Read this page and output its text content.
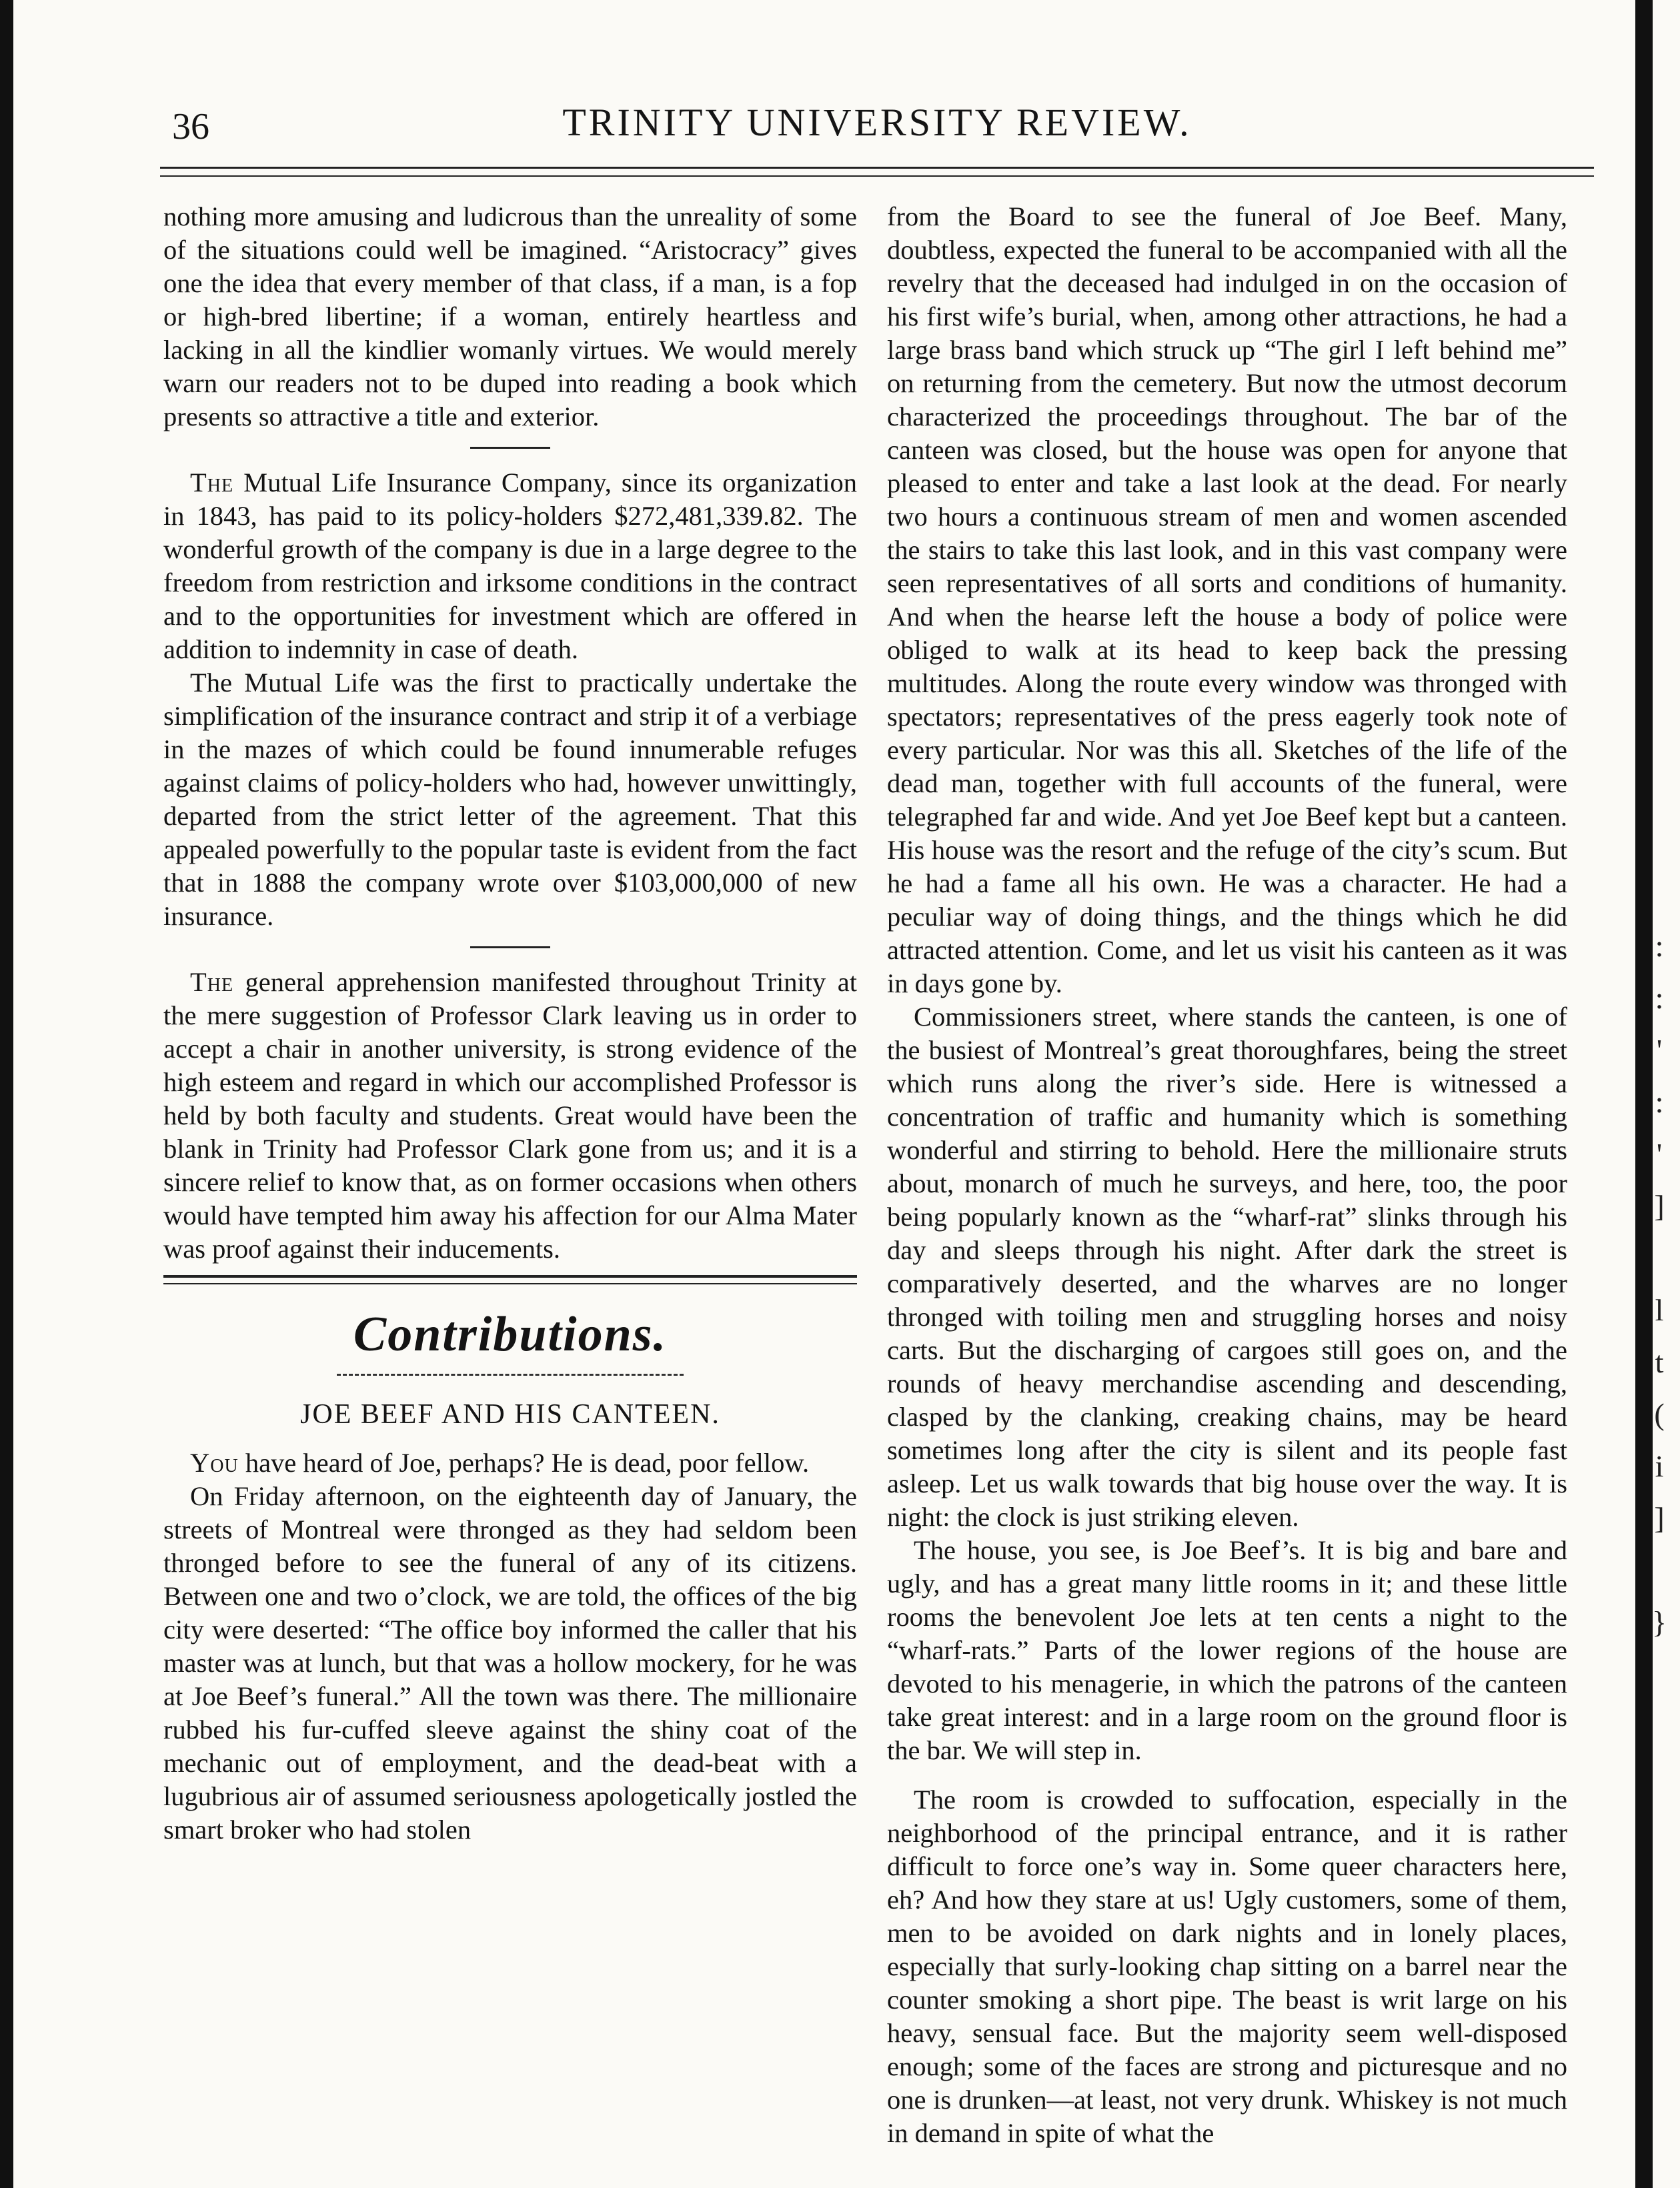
:
:
'
:
'
]

l
t
(
i
]

}
36	TRINITY UNIVERSITY REVIEW.

nothing more amusing and ludicrous than the unreality of some of the situations could well be imagined. “Aristocracy” gives one the idea that every member of that class, if a man, is a fop or high-bred libertine; if a woman, entirely heartless and lacking in all the kindlier womanly virtues. We would merely warn our readers not to be duped into reading a book which presents so attractive a title and exterior.

The Mutual Life Insurance Company, since its organization in 1843, has paid to its policy-holders $272,481,339.82. The wonderful growth of the company is due in a large degree to the freedom from restriction and irksome conditions in the contract and to the opportunities for investment which are offered in addition to indemnity in case of death.

The Mutual Life was the first to practically undertake the simplification of the insurance contract and strip it of a verbiage in the mazes of which could be found innumerable refuges against claims of policy-holders who had, however unwittingly, departed from the strict letter of the agreement. That this appealed powerfully to the popular taste is evident from the fact that in 1888 the company wrote over $103,000,000 of new insurance.

The general apprehension manifested throughout Trinity at the mere suggestion of Professor Clark leaving us in order to accept a chair in another university, is strong evidence of the high esteem and regard in which our accomplished Professor is held by both faculty and students. Great would have been the blank in Trinity had Professor Clark gone from us; and it is a sincere relief to know that, as on former occasions when others would have tempted him away his affection for our Alma Mater was proof against their inducements.

Contributions.
JOE BEEF AND HIS CANTEEN.

You have heard of Joe, perhaps? He is dead, poor fellow.

On Friday afternoon, on the eighteenth day of January, the streets of Montreal were thronged as they had seldom been thronged before to see the funeral of any of its citizens. Between one and two o’clock, we are told, the offices of the big city were deserted: “The office boy informed the caller that his master was at lunch, but that was a hollow mockery, for he was at Joe Beef’s funeral.” All the town was there. The millionaire rubbed his fur-cuffed sleeve against the shiny coat of the mechanic out of employment, and the dead-beat with a lugubrious air of assumed seriousness apologetically jostled the smart broker who had stolen

from the Board to see the funeral of Joe Beef. Many, doubtless, expected the funeral to be accompanied with all the revelry that the deceased had indulged in on the occasion of his first wife’s burial, when, among other attractions, he had a large brass band which struck up “The girl I left behind me” on returning from the cemetery. But now the utmost decorum characterized the proceedings throughout. The bar of the canteen was closed, but the house was open for anyone that pleased to enter and take a last look at the dead. For nearly two hours a continuous stream of men and women ascended the stairs to take this last look, and in this vast company were seen representatives of all sorts and conditions of humanity. And when the hearse left the house a body of police were obliged to walk at its head to keep back the pressing multitudes. Along the route every window was thronged with spectators; representatives of the press eagerly took note of every particular. Nor was this all. Sketches of the life of the dead man, together with full accounts of the funeral, were telegraphed far and wide. And yet Joe Beef kept but a canteen. His house was the resort and the refuge of the city’s scum. But he had a fame all his own. He was a character. He had a peculiar way of doing things, and the things which he did attracted attention. Come, and let us visit his canteen as it was in days gone by.

Commissioners street, where stands the canteen, is one of the busiest of Montreal’s great thoroughfares, being the street which runs along the river’s side. Here is witnessed a concentration of traffic and humanity which is something wonderful and stirring to behold. Here the millionaire struts about, monarch of much he surveys, and here, too, the poor being popularly known as the “wharf-rat” slinks through his day and sleeps through his night. After dark the street is comparatively deserted, and the wharves are no longer thronged with toiling men and struggling horses and noisy carts. But the discharging of cargoes still goes on, and the rounds of heavy merchandise ascending and descending, clasped by the clanking, creaking chains, may be heard sometimes long after the city is silent and its people fast asleep. Let us walk towards that big house over the way. It is night: the clock is just striking eleven.

The house, you see, is Joe Beef’s. It is big and bare and ugly, and has a great many little rooms in it; and these little rooms the benevolent Joe lets at ten cents a night to the “wharf-rats.” Parts of the lower regions of the house are devoted to his menagerie, in which the patrons of the canteen take great interest: and in a large room on the ground floor is the bar. We will step in.

The room is crowded to suffocation, especially in the neighborhood of the principal entrance, and it is rather difficult to force one’s way in. Some queer characters here, eh? And how they stare at us! Ugly customers, some of them, men to be avoided on dark nights and in lonely places, especially that surly-looking chap sitting on a barrel near the counter smoking a short pipe. The beast is writ large on his heavy, sensual face. But the majority seem well-disposed enough; some of the faces are strong and picturesque and no one is drunken—at least, not very drunk. Whiskey is not much in demand in spite of what the
